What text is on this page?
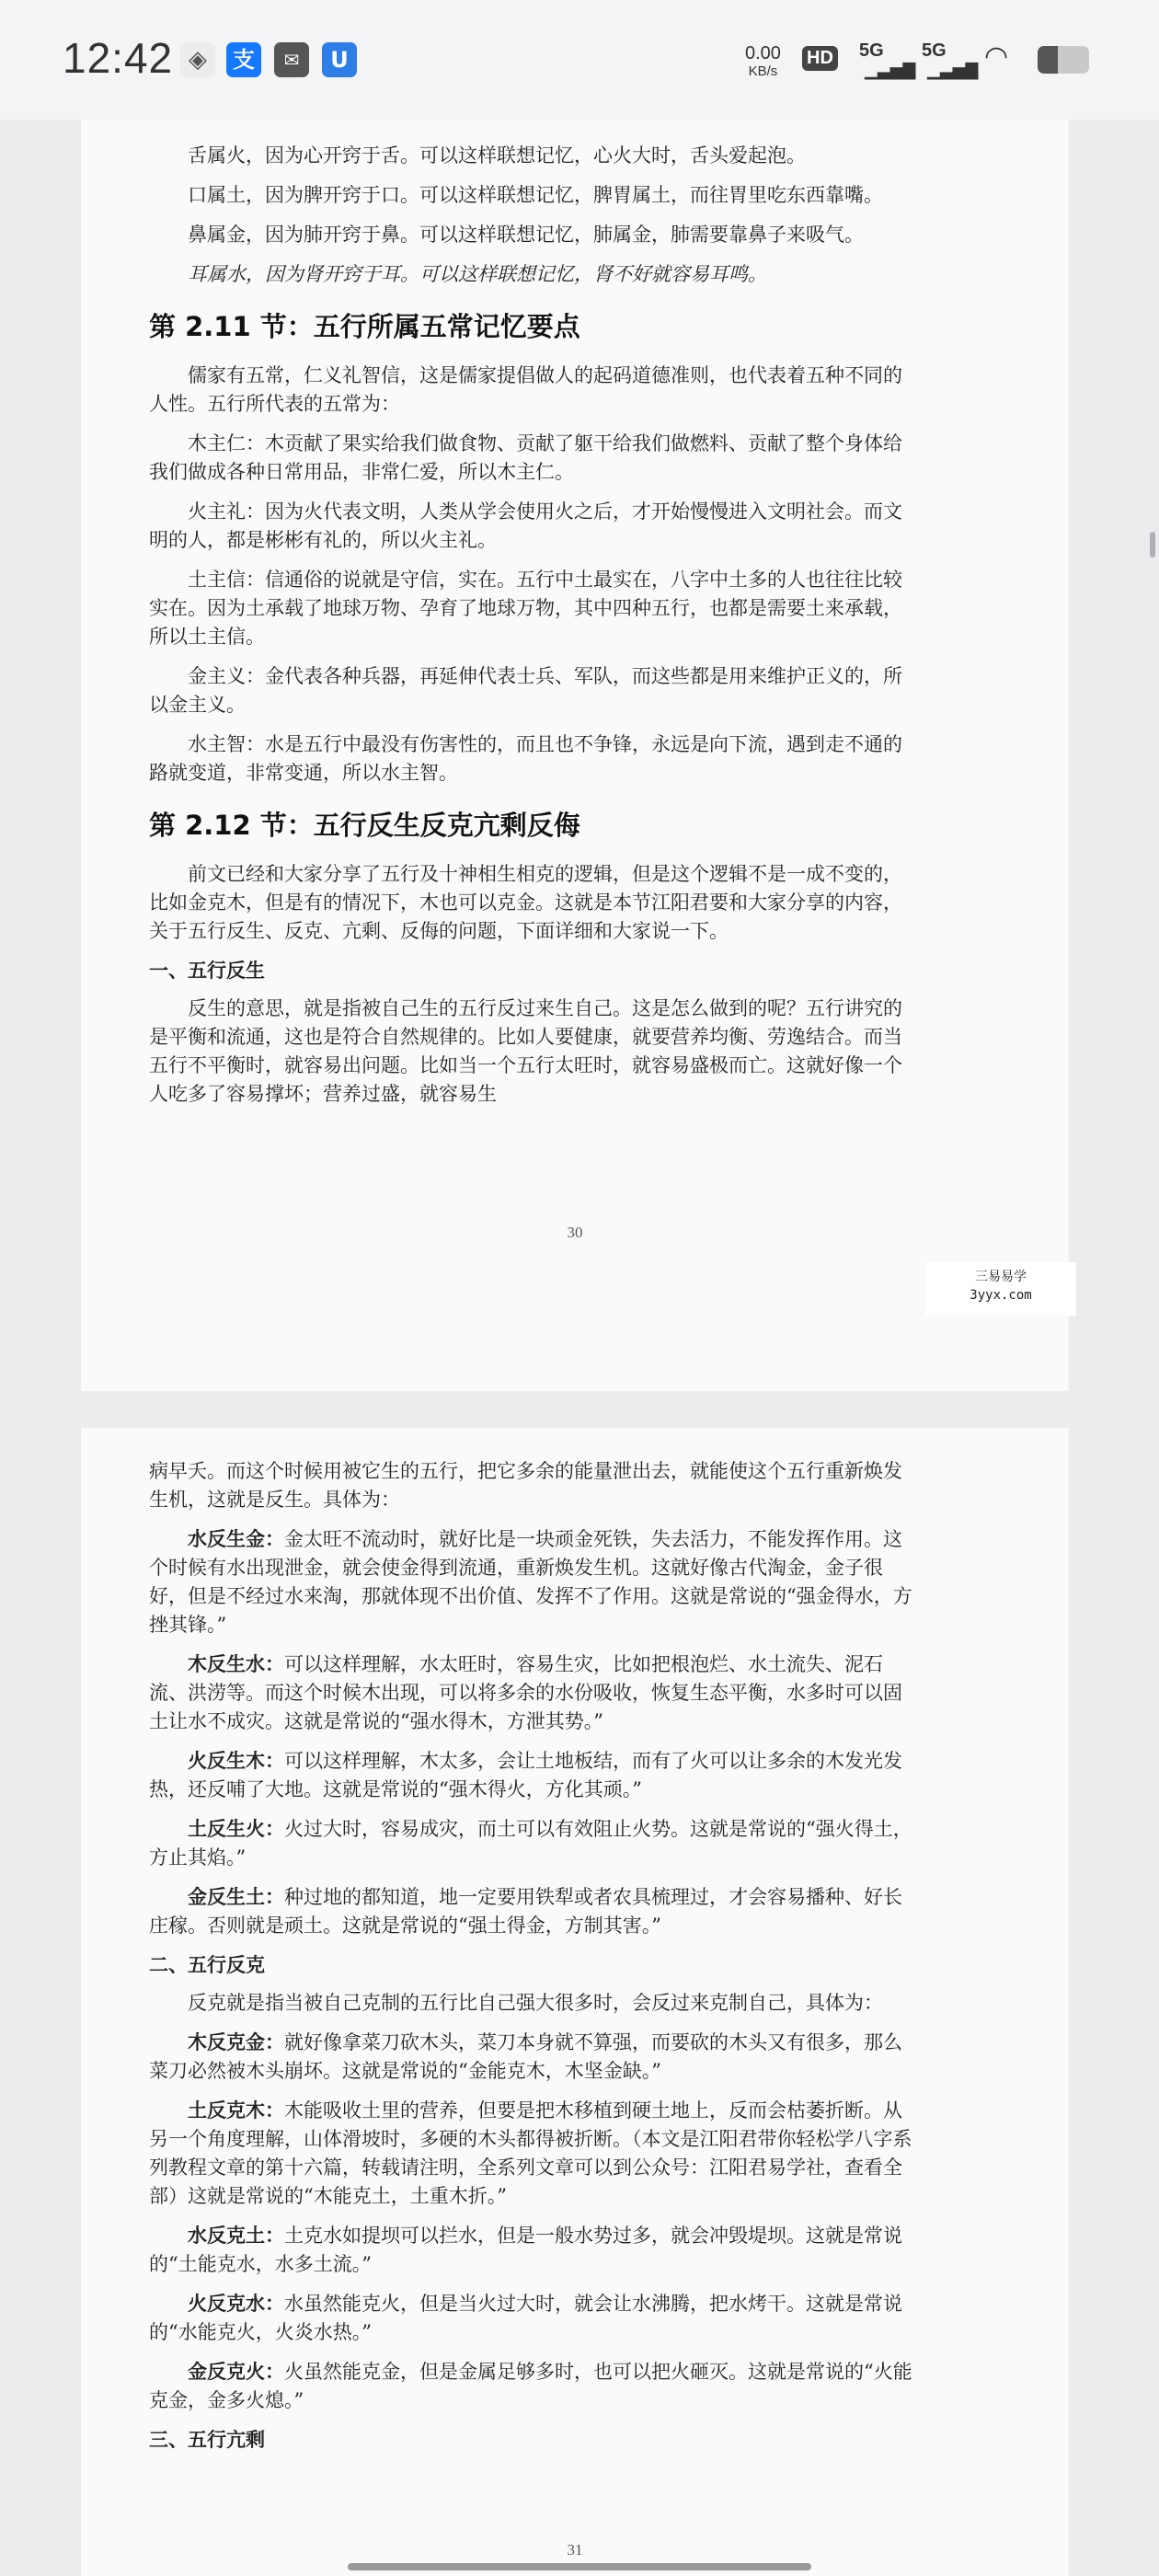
12:42 ◈	支	✉	U	0.00
KB/s
HD 5G
▁▃▅▇
5G
▁▃▅▇ ◠

舌属火，因为心开窍于舌。可以这样联想记忆，心火大时，舌头爱起泡。

口属土，因为脾开窍于口。可以这样联想记忆，脾胃属土，而往胃里吃东西靠嘴。

鼻属金，因为肺开窍于鼻。可以这样联想记忆，肺属金，肺需要靠鼻子来吸气。

耳属水，因为肾开窍于耳。可以这样联想记忆，肾不好就容易耳鸣。

第 2.11 节：五行所属五常记忆要点

儒家有五常，仁义礼智信，这是儒家提倡做人的起码道德准则，也代表着五种不同的人性。五行所代表的五常为：

木主仁：木贡献了果实给我们做食物、贡献了躯干给我们做燃料、贡献了整个身体给我们做成各种日常用品，非常仁爱，所以木主仁。

火主礼：因为火代表文明，人类从学会使用火之后，才开始慢慢进入文明社会。而文明的人，都是彬彬有礼的，所以火主礼。

土主信：信通俗的说就是守信，实在。五行中土最实在，八字中土多的人也往往比较实在。因为土承载了地球万物、孕育了地球万物，其中四种五行，也都是需要土来承载，所以土主信。

金主义：金代表各种兵器，再延伸代表士兵、军队，而这些都是用来维护正义的，所以金主义。

水主智：水是五行中最没有伤害性的，而且也不争锋，永远是向下流，遇到走不通的路就变道，非常变通，所以水主智。

第 2.12 节：五行反生反克亢剩反侮

前文已经和大家分享了五行及十神相生相克的逻辑，但是这个逻辑不是一成不变的，比如金克木，但是有的情况下，木也可以克金。这就是本节江阳君要和大家分享的内容，关于五行反生、反克、亢剩、反侮的问题，下面详细和大家说一下。

一、五行反生

反生的意思，就是指被自己生的五行反过来生自己。这是怎么做到的呢？五行讲究的是平衡和流通，这也是符合自然规律的。比如人要健康，就要营养均衡、劳逸结合。而当五行不平衡时，就容易出问题。比如当一个五行太旺时，就容易盛极而亡。这就好像一个人吃多了容易撑坏；营养过盛，就容易生

30
三易易学
3yyx.com

病早夭。而这个时候用被它生的五行，把它多余的能量泄出去，就能使这个五行重新焕发生机，这就是反生。具体为：

水反生金：金太旺不流动时，就好比是一块顽金死铁，失去活力，不能发挥作用。这个时候有水出现泄金，就会使金得到流通，重新焕发生机。这就好像古代淘金，金子很好，但是不经过水来淘，那就体现不出价值、发挥不了作用。这就是常说的“强金得水，方挫其锋。”

木反生水：可以这样理解，水太旺时，容易生灾，比如把根泡烂、水土流失、泥石流、洪涝等。而这个时候木出现，可以将多余的水份吸收，恢复生态平衡，水多时可以固土让水不成灾。这就是常说的“强水得木，方泄其势。”

火反生木：可以这样理解，木太多，会让土地板结，而有了火可以让多余的木发光发热，还反哺了大地。这就是常说的“强木得火，方化其顽。”

土反生火：火过大时，容易成灾，而土可以有效阻止火势。这就是常说的“强火得土，方止其焰。”

金反生土：种过地的都知道，地一定要用铁犁或者农具梳理过，才会容易播种、好长庄稼。否则就是顽土。这就是常说的“强土得金，方制其害。”

二、五行反克

反克就是指当被自己克制的五行比自己强大很多时，会反过来克制自己，具体为：

木反克金：就好像拿菜刀砍木头，菜刀本身就不算强，而要砍的木头又有很多，那么菜刀必然被木头崩坏。这就是常说的“金能克木，木坚金缺。”

土反克木：木能吸收土里的营养，但要是把木移植到硬土地上，反而会枯萎折断。从另一个角度理解，山体滑坡时，多硬的木头都得被折断。（本文是江阳君带你轻松学八字系列教程文章的第十六篇，转载请注明，全系列文章可以到公众号：江阳君易学社，查看全部）这就是常说的“木能克土，土重木折。”

水反克土：土克水如提坝可以拦水，但是一般水势过多，就会冲毁堤坝。这就是常说的“土能克水，水多土流。”

火反克水：水虽然能克火，但是当火过大时，就会让水沸腾，把水烤干。这就是常说的“水能克火，火炎水热。”

金反克火：火虽然能克金，但是金属足够多时，也可以把火砸灭。这就是常说的“火能克金，金多火熄。”

三、五行亢剩
31
